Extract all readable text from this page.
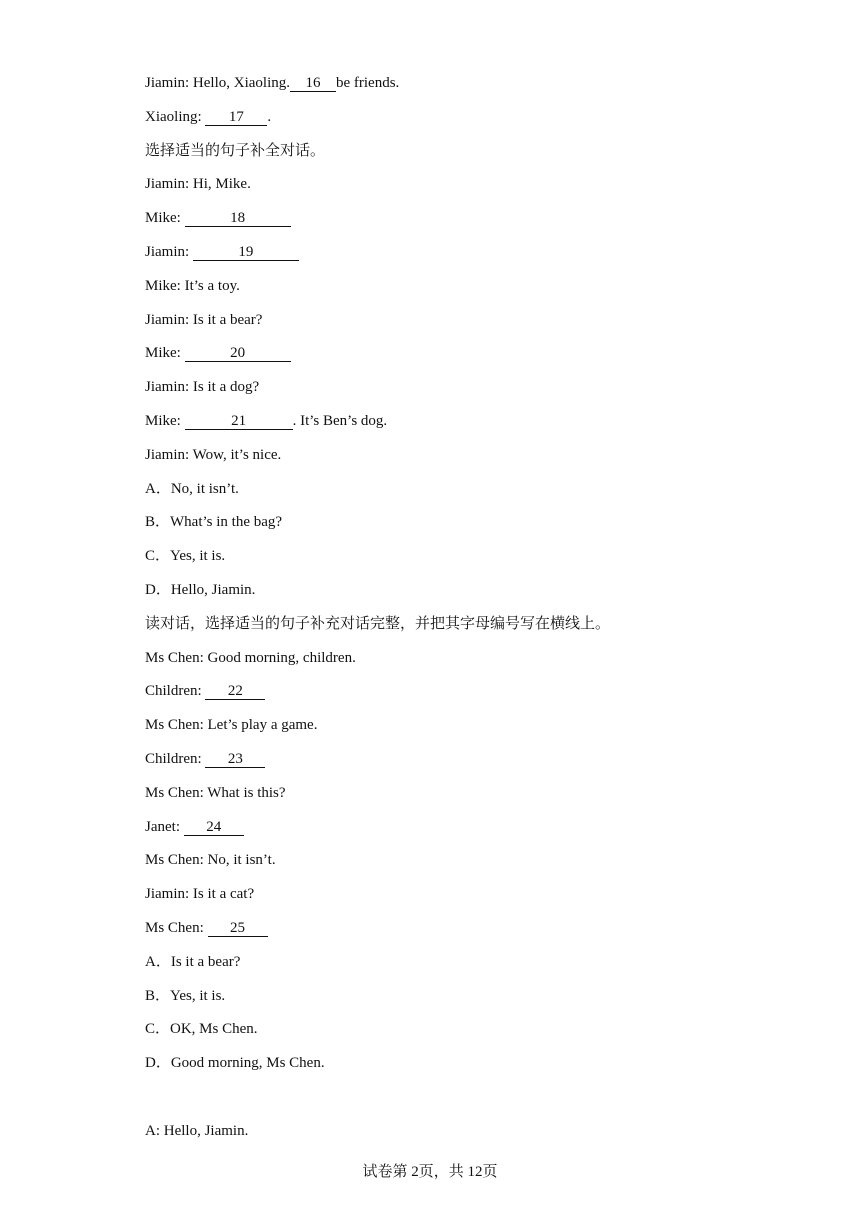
Jiamin: Hello, Xiaoling. 16 be friends.
Xiaoling: 17 .
选择适当的句子补全对话。
Jiamin: Hi, Mike.
Mike:	18
Jiamin:	19
Mike: It’s a toy.
Jiamin: Is it a bear?
Mike:	20
Jiamin: Is it a dog?
Mike:	21	. It’s Ben’s dog.
Jiamin: Wow, it’s nice.
A．No, it isn’t.
B．What’s in the bag?
C．Yes, it is.
D．Hello, Jiamin.
读对话，选择适当的句子补充对话完整，并把其字母编号写在横线上。
Ms Chen: Good morning, children.
Children: 22
Ms Chen: Let’s play a game.
Children: 23
Ms Chen: What is this?
Janet: 24
Ms Chen: No, it isn’t.
Jiamin: Is it a cat?
Ms Chen: 25
A．Is it a bear?
B．Yes, it is.
C．OK, Ms Chen.
D．Good morning, Ms Chen.
A: Hello, Jiamin.
试卷第 2页，共 12页
